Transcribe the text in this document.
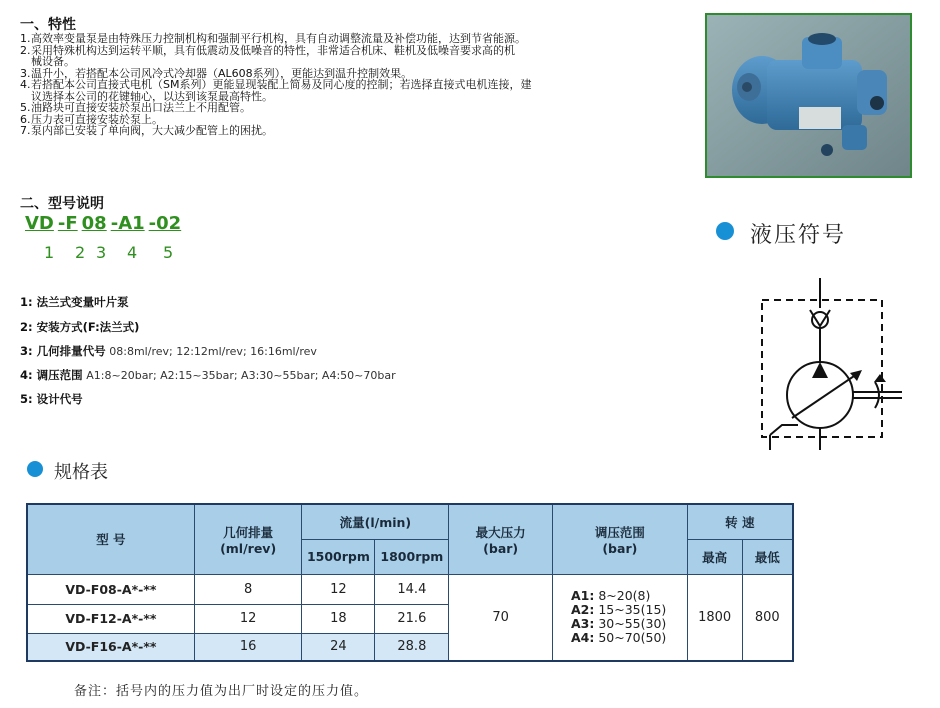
一、特性
1. 高效率变量泵是由特殊压力控制机构和强制平行机构，具有自动调整流量及补偿功能，达到节省能源。
2. 采用特殊机构达到运转平顺，具有低震动及低噪音的特性，非常适合机床、鞋机及低噪音要求高的机
械设备。
3. 温升小，若搭配本公司风冷式冷却器（AL608系列），更能达到温升控制效果。
4. 若搭配本公司直接式电机（SM系列）更能显现装配上简易及同心度的控制；若选择直接式电机连接，建
议选择本公司的花键轴心，以达到该泵最高特性。
5. 油路块可直接安装於泵出口法兰上不用配管。
6. 压力表可直接安装於泵上。
7. 泵内部已安装了单向阀，大大减少配管上的困扰。
二、型号说明
VD -F 08 -A1 -02
1 2 3 4 5
1: 法兰式变量叶片泵
2: 安装方式(F:法兰式)
3: 几何排量代号 08:8ml/rev; 12:12ml/rev; 16:16ml/rev
4: 调压范围 A1:8~20bar; A2:15~35bar; A3:30~55bar; A4:50~70bar
5: 设计代号
液压符号
规格表
型 号	几何排量
(ml/rev)	流量(l/min)		最大压力
(bar)	调压范围
(bar)	转 速	
		1500rpm	1800rpm			最高	最低
VD-F08-A*-**	8	12	14.4	70	A1: 8~20(8)
A2: 15~35(15)
A3: 30~55(30)
A4: 50~70(50)	1800	800
VD-F12-A*-**	12	18	21.6				
VD-F16-A*-**	16	24	28.8				
备注：括号内的压力值为出厂时设定的压力值。
